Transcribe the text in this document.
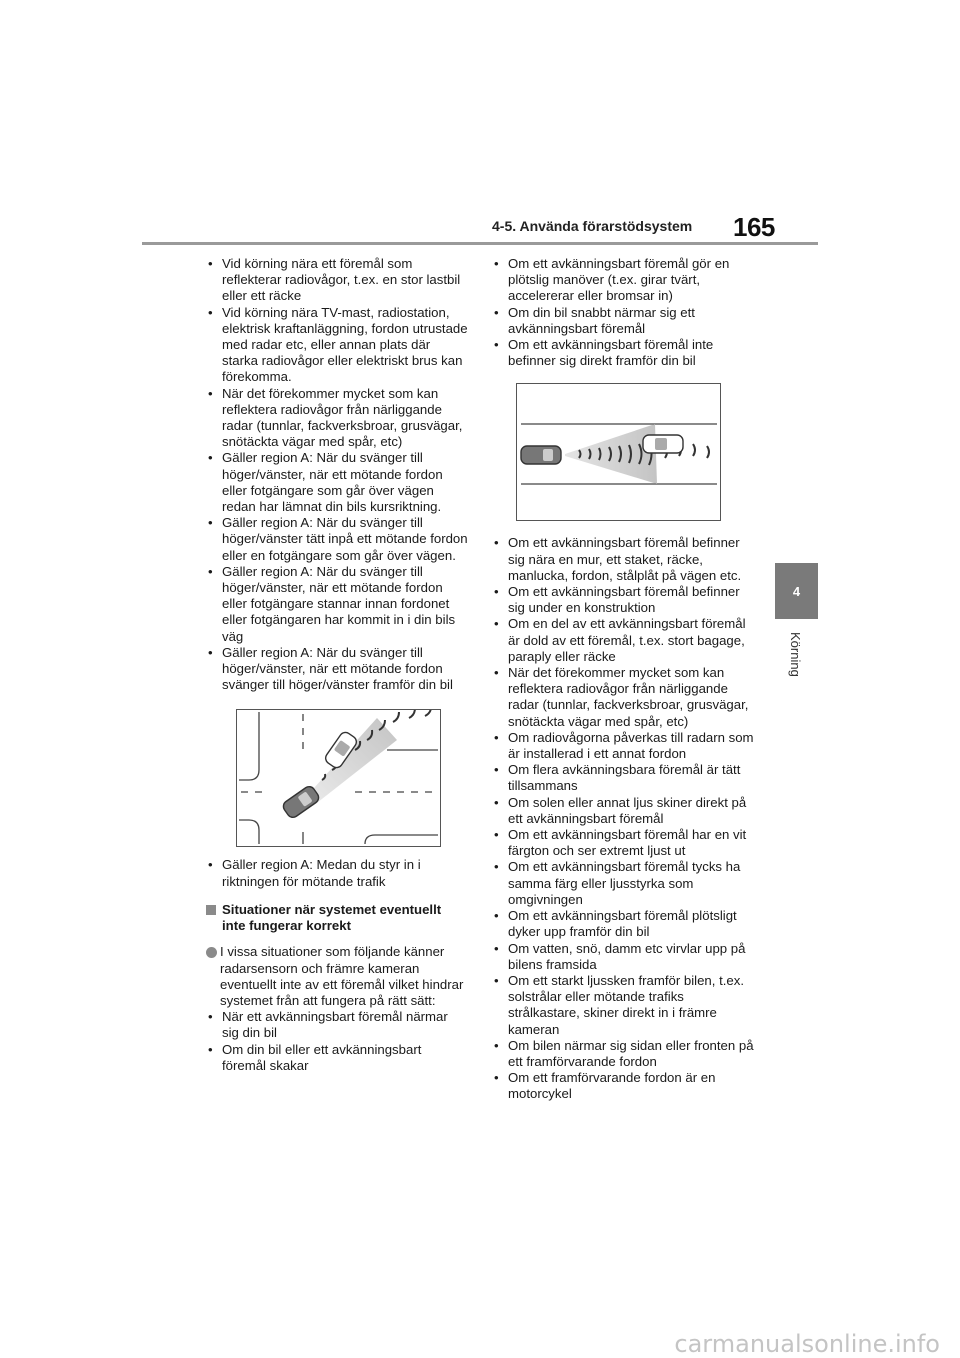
4-5. Använda förarstödsystem 165
4
Körning
• Vid körning nära ett föremål som reflekterar radiovågor, t.ex. en stor lastbil eller ett räcke
• Vid körning nära TV-mast, radiostation, elektrisk kraftanläggning, fordon utrustade med radar etc, eller annan plats där starka radiovågor eller elektriskt brus kan förekomma.
• När det förekommer mycket som kan reflektera radiovågor från närliggande radar (tunnlar, fackverksbroar, grusvägar, snötäckta vägar med spår, etc)
• Gäller region A: När du svänger till höger/vänster, när ett mötande fordon eller fotgängare som går över vägen redan har lämnat din bils kursriktning.
• Gäller region A: När du svänger till höger/vänster tätt inpå ett mötande fordon eller en fotgängare som går över vägen.
• Gäller region A: När du svänger till höger/vänster, när ett mötande fordon eller fotgängare stannar innan fordonet eller fotgängaren har kommit in i din bils väg
• Gäller region A: När du svänger till höger/vänster, när ett mötande fordon svänger till höger/vänster framför din bil
• Gäller region A: Medan du styr in i riktningen för mötande trafik
Situationer när systemet eventuellt inte fungerar korrekt
I vissa situationer som följande känner radarsensorn och främre kameran eventuellt inte av ett föremål vilket hindrar systemet från att fungera på rätt sätt:
• När ett avkänningsbart föremål närmar sig din bil
• Om din bil eller ett avkänningsbart föremål skakar
• Om ett avkänningsbart föremål gör en plötslig manöver (t.ex. girar tvärt, accelererar eller bromsar in)
• Om din bil snabbt närmar sig ett avkänningsbart föremål
• Om ett avkänningsbart föremål inte befinner sig direkt framför din bil
• Om ett avkänningsbart föremål befinner sig nära en mur, ett staket, räcke, manlucka, fordon, stålplåt på vägen etc.
• Om ett avkänningsbart föremål befinner sig under en konstruktion
• Om en del av ett avkänningsbart föremål är dold av ett föremål, t.ex. stort bagage, paraply eller räcke
• När det förekommer mycket som kan reflektera radiovågor från närliggande radar (tunnlar, fackverksbroar, grusvägar, snötäckta vägar med spår, etc)
• Om radiovågorna påverkas till radarn som är installerad i ett annat fordon
• Om flera avkänningsbara föremål är tätt tillsammans
• Om solen eller annat ljus skiner direkt på ett avkänningsbart föremål
• Om ett avkänningsbart föremål har en vit färgton och ser extremt ljust ut
• Om ett avkänningsbart föremål tycks ha samma färg eller ljusstyrka som omgivningen
• Om ett avkänningsbart föremål plötsligt dyker upp framför din bil
• Om vatten, snö, damm etc virvlar upp på bilens framsida
• Om ett starkt ljussken framför bilen, t.ex. solstrålar eller mötande trafiks strålkastare, skiner direkt in i främre kameran
• Om bilen närmar sig sidan eller fronten på ett framförvarande fordon
• Om ett framförvarande fordon är en motorcykel
carmanualsonline.info
